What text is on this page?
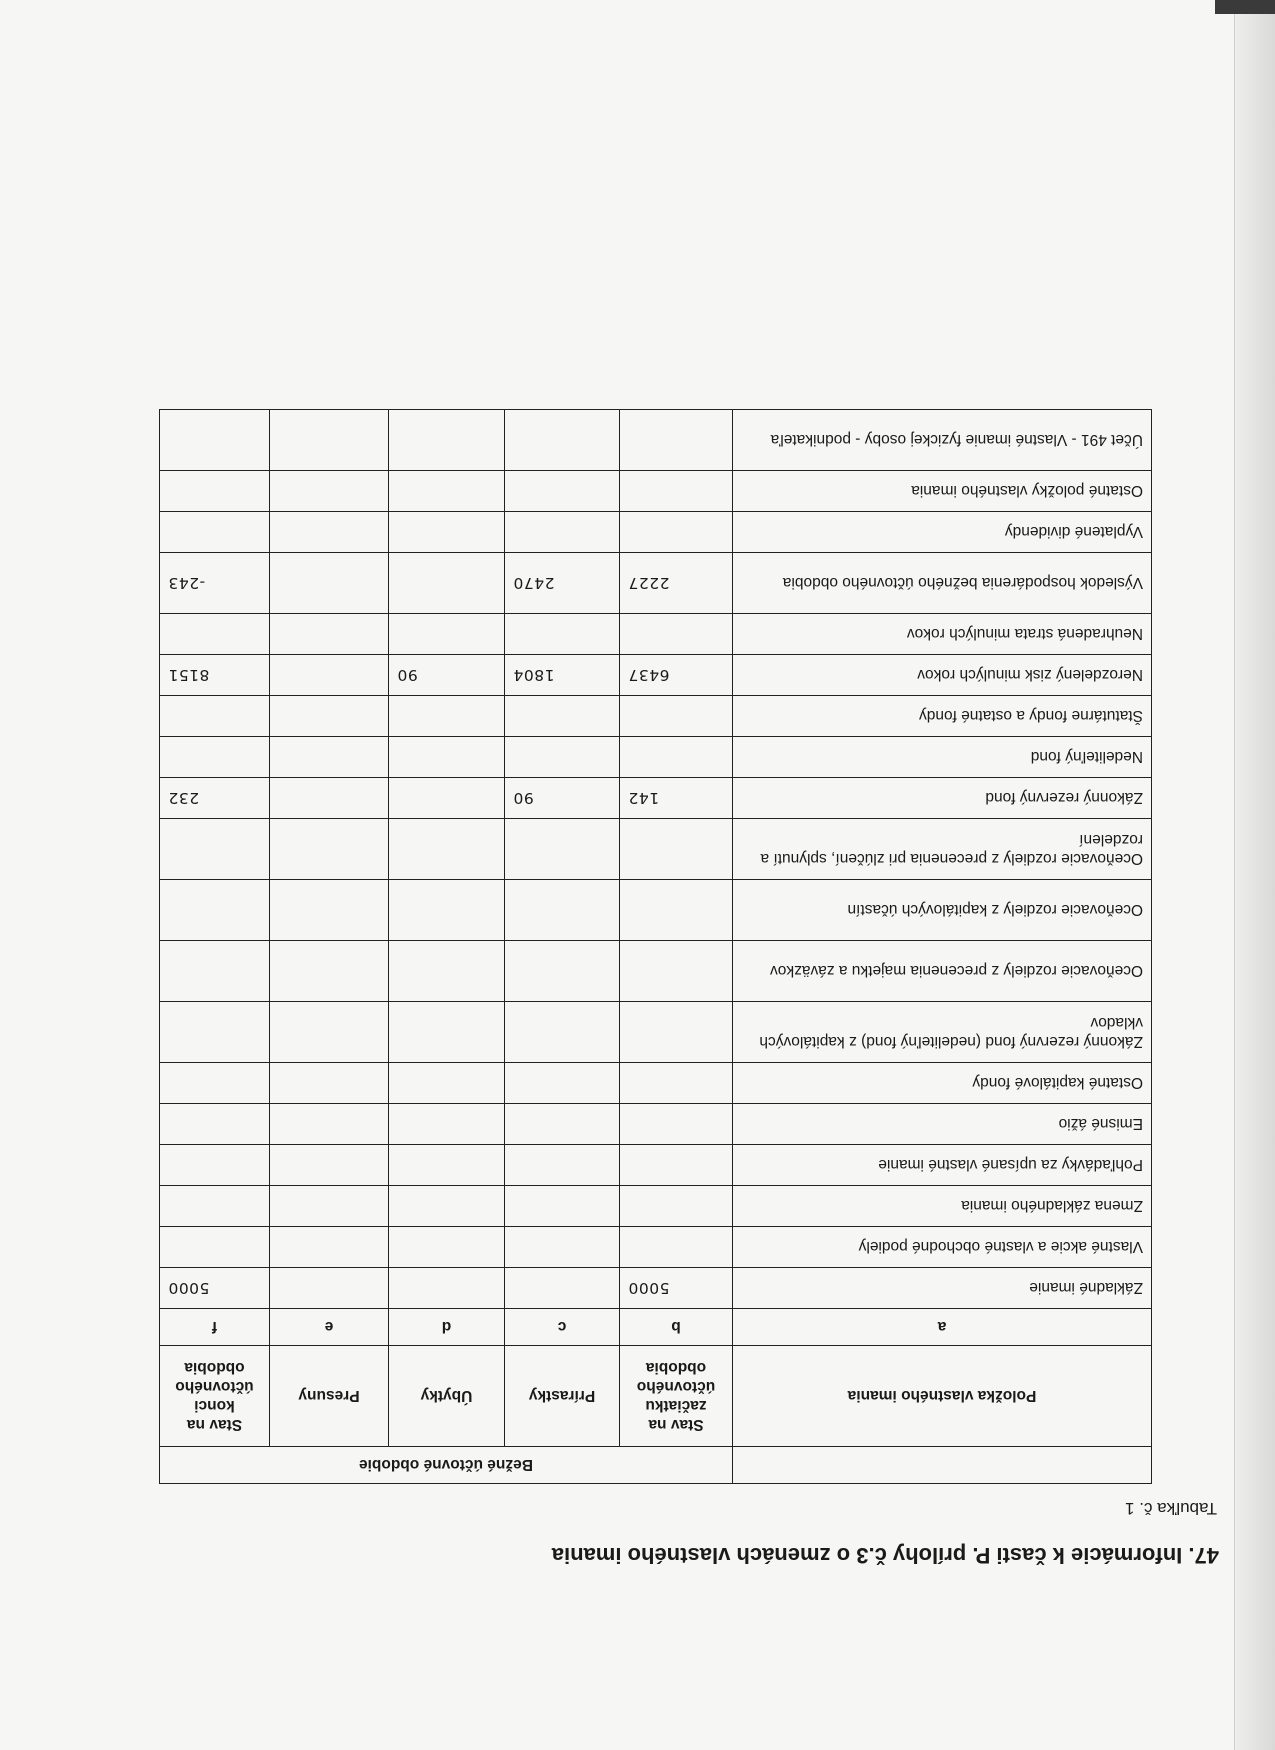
47. Informácie k časti P. prílohy č.3 o zmenách vlastného imania

Tabuľka č. 1

	Bežné účtovné obdobie				
Položka vlastného imania	Stav na začiatku účtovného obdobia	Prírastky	Úbytky	Presuny	Stav na konci účtovného obdobia
a	b	c	d	e	f
Základné imanie	5000				5000
Vlastné akcie a vlastné obchodné podiely					
Zmena základného imania					
Pohľadávky za upísané vlastné imanie					
Emisné ážio					
Ostatné kapitálové fondy					
Zákonný rezervný fond (nedeliteľný fond) z kapitálových vkladov					
Oceňovacie rozdiely z precenenia majetku a záväzkov					
Oceňovacie rozdiely z kapitálových účastín					
Oceňovacie rozdiely z precenenia pri zlúčení, splynutí a rozdelení					
Zákonný rezervný fond	142	90			232
Nedeliteľný fond					
Štatutárne fondy a ostatné fondy					
Nerozdelený zisk minulých rokov	6437	1804	90		8151
Neuhradená strata minulých rokov					
Výsledok hospodárenia bežného účtovného obdobia	2227	2470			-243
Vyplatené dividendy					
Ostatné položky vlastného imania					
Účet 491 - Vlastné imanie fyzickej osoby - podnikateľa					
